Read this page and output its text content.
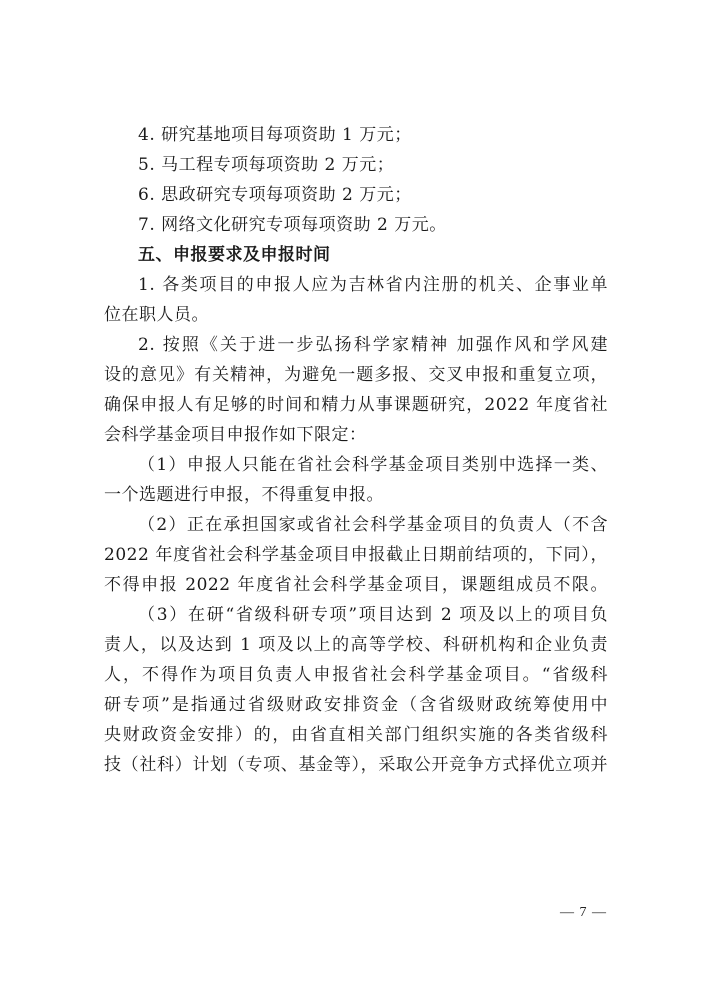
4. 研究基地项目每项资助 1 万元；
5. 马工程专项每项资助 2 万元；
6. 思政研究专项每项资助 2 万元；
7. 网络文化研究专项每项资助 2 万元。
五、申报要求及申报时间
1. 各类项目的申报人应为吉林省内注册的机关、企事业单
位在职人员。
2. 按照《关于进一步弘扬科学家精神 加强作风和学风建
设的意见》有关精神，为避免一题多报、交叉申报和重复立项，
确保申报人有足够的时间和精力从事课题研究，2022 年度省社
会科学基金项目申报作如下限定：
（1）申报人只能在省社会科学基金项目类别中选择一类、
一个选题进行申报，不得重复申报。
（2）正在承担国家或省社会科学基金项目的负责人（不含
2022 年度省社会科学基金项目申报截止日期前结项的，下同），
不得申报 2022 年度省社会科学基金项目，课题组成员不限。
（3）在研“省级科研专项”项目达到 2 项及以上的项目负
责人，以及达到 1 项及以上的高等学校、科研机构和企业负责
人，不得作为项目负责人申报省社会科学基金项目。“省级科
研专项”是指通过省级财政安排资金（含省级财政统筹使用中
央财政资金安排）的，由省直相关部门组织实施的各类省级科
技（社科）计划（专项、基金等），采取公开竞争方式择优立项并
— 7 —
